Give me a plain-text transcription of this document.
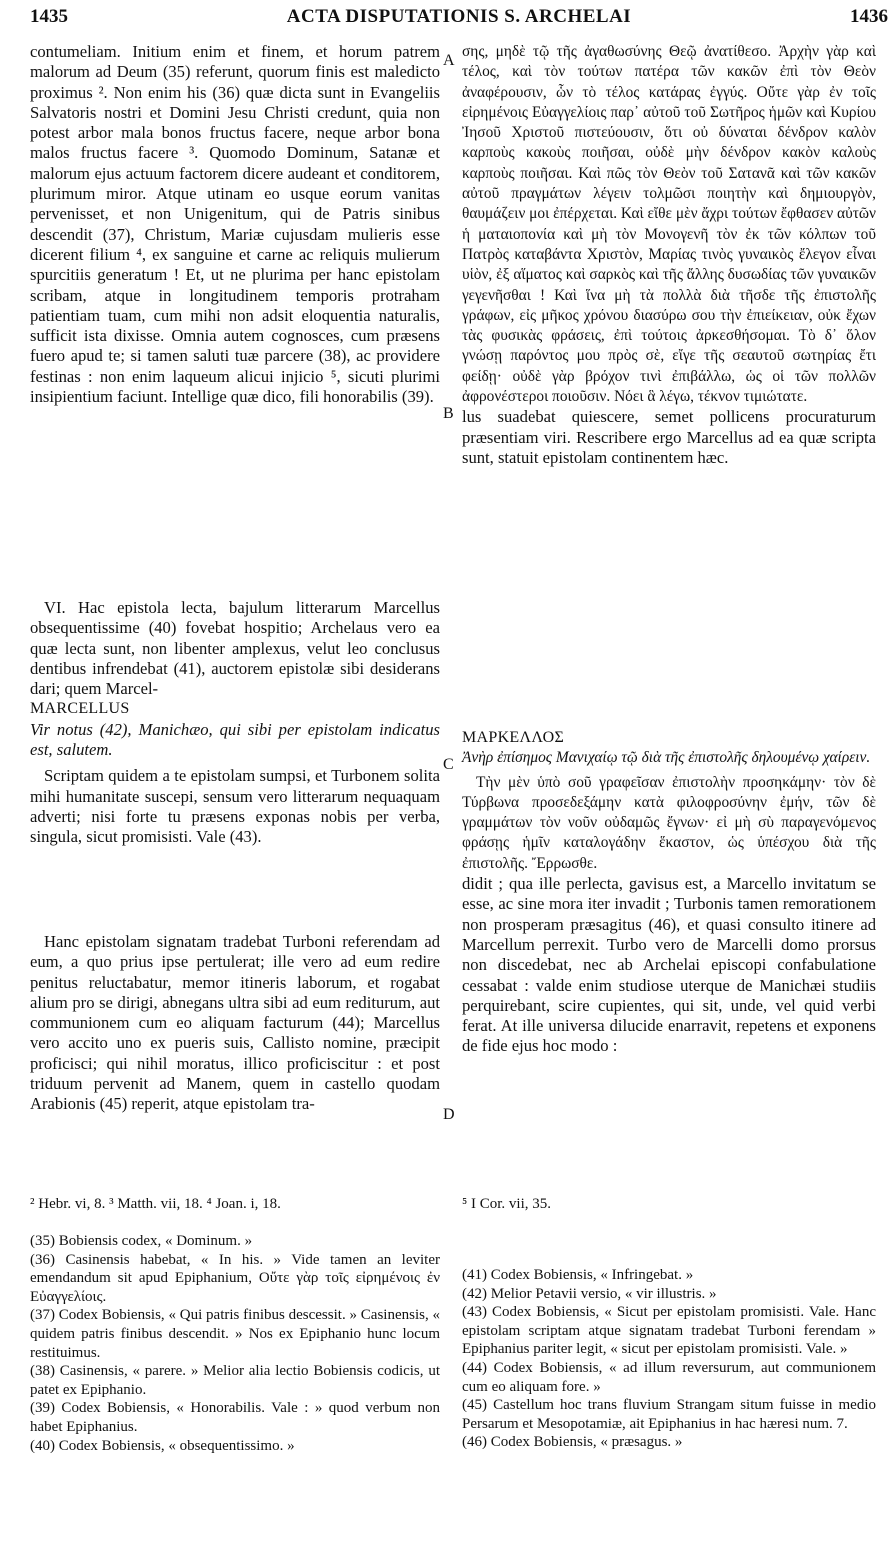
1435	ACTA DISPUTATIONIS S. ARCHELAI	1436
A
B
C
D

contumeliam. Initium enim et finem, et horum patrem malorum ad Deum (35) referunt, quorum finis est maledicto proximus ². Non enim his (36) quæ dicta sunt in Evangeliis Salvatoris nostri et Domini Jesu Christi credunt, quia non potest arbor mala bonos fructus facere, neque arbor bona malos fructus facere ³. Quomodo Dominum, Satanæ et malorum ejus actuum factorem dicere audeant et conditorem, plurimum miror. Atque utinam eo usque eorum vanitas pervenisset, et non Unigenitum, qui de Patris sinibus descendit (37), Christum, Mariæ cujusdam mulieris esse dicerent filium ⁴, ex sanguine et carne ac reliquis mulierum spurcitiis generatum ! Et, ut ne plurima per hanc epistolam scribam, atque in longitudinem temporis protraham patientiam tuam, cum mihi non adsit eloquentia naturalis, sufficit ista dixisse. Omnia autem cognosces, cum præsens fuero apud te; si tamen saluti tuæ parcere (38), ac providere festinas : non enim laqueum alicui injicio ⁵, sicuti plurimi insipientium faciunt. Intellige quæ dico, fili honorabilis (39).

VI. Hac epistola lecta, bajulum litterarum Marcellus obsequentissime (40) fovebat hospitio; Archelaus vero ea quæ lecta sunt, non libenter amplexus, velut leo conclusus dentibus infrendebat (41), auctorem epistolæ sibi desiderans dari; quem Marcel-

MARCELLUS

Vir notus (42), Manichæo, qui sibi per epistolam indicatus est, salutem.

Scriptam quidem a te epistolam sumpsi, et Turbonem solita mihi humanitate suscepi, sensum vero litterarum nequaquam adverti; nisi forte tu præsens exponas nobis per verba, singula, sicut promisisti. Vale (43).

Hanc epistolam signatam tradebat Turboni referendam ad eum, a quo prius ipse pertulerat; ille vero ad eum redire penitus reluctabatur, memor itineris laborum, et rogabat alium pro se dirigi, abnegans ultra sibi ad eum rediturum, aut communionem cum eo aliquam facturum (44); Marcellus vero accito uno ex pueris suis, Callisto nomine, præcipit proficisci; qui nihil moratus, illico proficiscitur : et post triduum pervenit ad Manem, quem in castello quodam Arabionis (45) reperit, atque epistolam tra-

σης, μηδὲ τῷ τῆς ἀγαθωσύνης Θεῷ ἀνατίθεσο. Ἀρχὴν γὰρ καὶ τέλος, καὶ τὸν τούτων πατέρα τῶν κακῶν ἐπὶ τὸν Θεὸν ἀναφέρουσιν, ὧν τὸ τέλος κατάρας ἐγγύς. Οὔτε γὰρ ἐν τοῖς εἰρημένοις Εὐαγγελίοις παρ᾽ αὐτοῦ τοῦ Σωτῆρος ἡμῶν καὶ Κυρίου Ἰησοῦ Χριστοῦ πιστεύουσιν, ὅτι οὐ δύναται δένδρον καλὸν καρποὺς κακοὺς ποιῆσαι, οὐδὲ μὴν δένδρον κακὸν καλοὺς καρποὺς ποιῆσαι. Καὶ πῶς τὸν Θεὸν τοῦ Σατανᾶ καὶ τῶν κακῶν αὐτοῦ πραγμάτων λέγειν τολμῶσι ποιητὴν καὶ δημιουργὸν, θαυμάζειν μοι ἐπέρχεται. Καὶ εἴθε μὲν ἄχρι τούτων ἔφθασεν αὐτῶν ἡ ματαιοπονία καὶ μὴ τὸν Μονογενῆ τὸν ἐκ τῶν κόλπων τοῦ Πατρὸς καταβάντα Χριστὸν, Μαρίας τινὸς γυναικὸς ἔλεγον εἶναι υἱὸν, ἐξ αἵματος καὶ σαρκὸς καὶ τῆς ἄλλης δυσωδίας τῶν γυναικῶν γεγενῆσθαι ! Καὶ ἵνα μὴ τὰ πολλὰ διὰ τῆσδε τῆς ἐπιστολῆς γράφων, εἰς μῆκος χρόνου διασύρω σου τὴν ἐπιείκειαν, οὐκ ἔχων τὰς φυσικὰς φράσεις, ἐπὶ τούτοις ἀρκεσθήσομαι. Τὸ δ᾽ ὅλον γνώσῃ παρόντος μου πρὸς σὲ, εἴγε τῆς σεαυτοῦ σωτηρίας ἔτι φείδῃ· οὐδὲ γὰρ βρόχον τινὶ ἐπιβάλλω, ὡς οἱ τῶν πολλῶν ἀφρονέστεροι ποιοῦσιν. Νόει ἃ λέγω, τέκνον τιμιώτατε.

lus suadebat quiescere, semet pollicens procuraturum præsentiam viri. Rescribere ergo Marcellus ad ea quæ scripta sunt, statuit epistolam continentem hæc.

ΜΑΡΚΕΛΛΟΣ

Ἀνὴρ ἐπίσημος Μανιχαίῳ τῷ διὰ τῆς ἐπιστολῆς δηλουμένῳ χαίρειν.

Τὴν μὲν ὑπὸ σοῦ γραφεῖσαν ἐπιστολὴν προσηκάμην· τὸν δὲ Τύρβωνα προσεδεξάμην κατὰ φιλοφροσύνην ἐμήν, τῶν δὲ γραμμάτων τὸν νοῦν οὐδαμῶς ἔγνων· εἰ μὴ σὺ παραγενόμενος φράσῃς ἡμῖν καταλογάδην ἕκαστον, ὡς ὑπέσχου διὰ τῆς ἐπιστολῆς. Ἔρρωσθε.

didit ; qua ille perlecta, gavisus est, a Marcello invitatum se esse, ac sine mora iter invadit ; Turbonis tamen remorationem non prosperam præsagitus (46), et quasi consulto itinere ad Marcellum perrexit. Turbo vero de Marcelli domo prorsus non discedebat, nec ab Archelai episcopi confabulatione cessabat : valde enim studiose uterque de Manichæi studiis perquirebant, scire cupientes, qui sit, unde, vel quid verbi ferat. At ille universa dilucide enarravit, repetens et exponens de fide ejus hoc modo :

² Hebr. vi, 8. ³ Matth. vii, 18. ⁴ Joan. i, 18.	⁵ I Cor. vii, 35.

(35) Bobiensis codex, « Dominum. »

(36) Casinensis habebat, « In his. » Vide tamen an leviter emendandum sit apud Epiphanium, Οὔτε γὰρ τοῖς εἰρημένοις ἐν Εὐαγγελίοις.

(37) Codex Bobiensis, « Qui patris finibus descessit. » Casinensis, « quidem patris finibus descendit. » Nos ex Epiphanio hunc locum restituimus.

(38) Casinensis, « parere. » Melior alia lectio Bobiensis codicis, ut patet ex Epiphanio.

(39) Codex Bobiensis, « Honorabilis. Vale : » quod verbum non habet Epiphanius.

(40) Codex Bobiensis, « obsequentissimo. »

(41) Codex Bobiensis, « Infringebat. »

(42) Melior Petavii versio, « vir illustris. »

(43) Codex Bobiensis, « Sicut per epistolam promisisti. Vale. Hanc epistolam scriptam atque signatam tradebat Turboni ferendam » Epiphanius pariter legit, « sicut per epistolam promisisti. Vale. »

(44) Codex Bobiensis, « ad illum reversurum, aut communionem cum eo aliquam fore. »

(45) Castellum hoc trans fluvium Strangam situm fuisse in medio Persarum et Mesopotamiæ, ait Epiphanius in hac hæresi num. 7.

(46) Codex Bobiensis, « præsagus. »
